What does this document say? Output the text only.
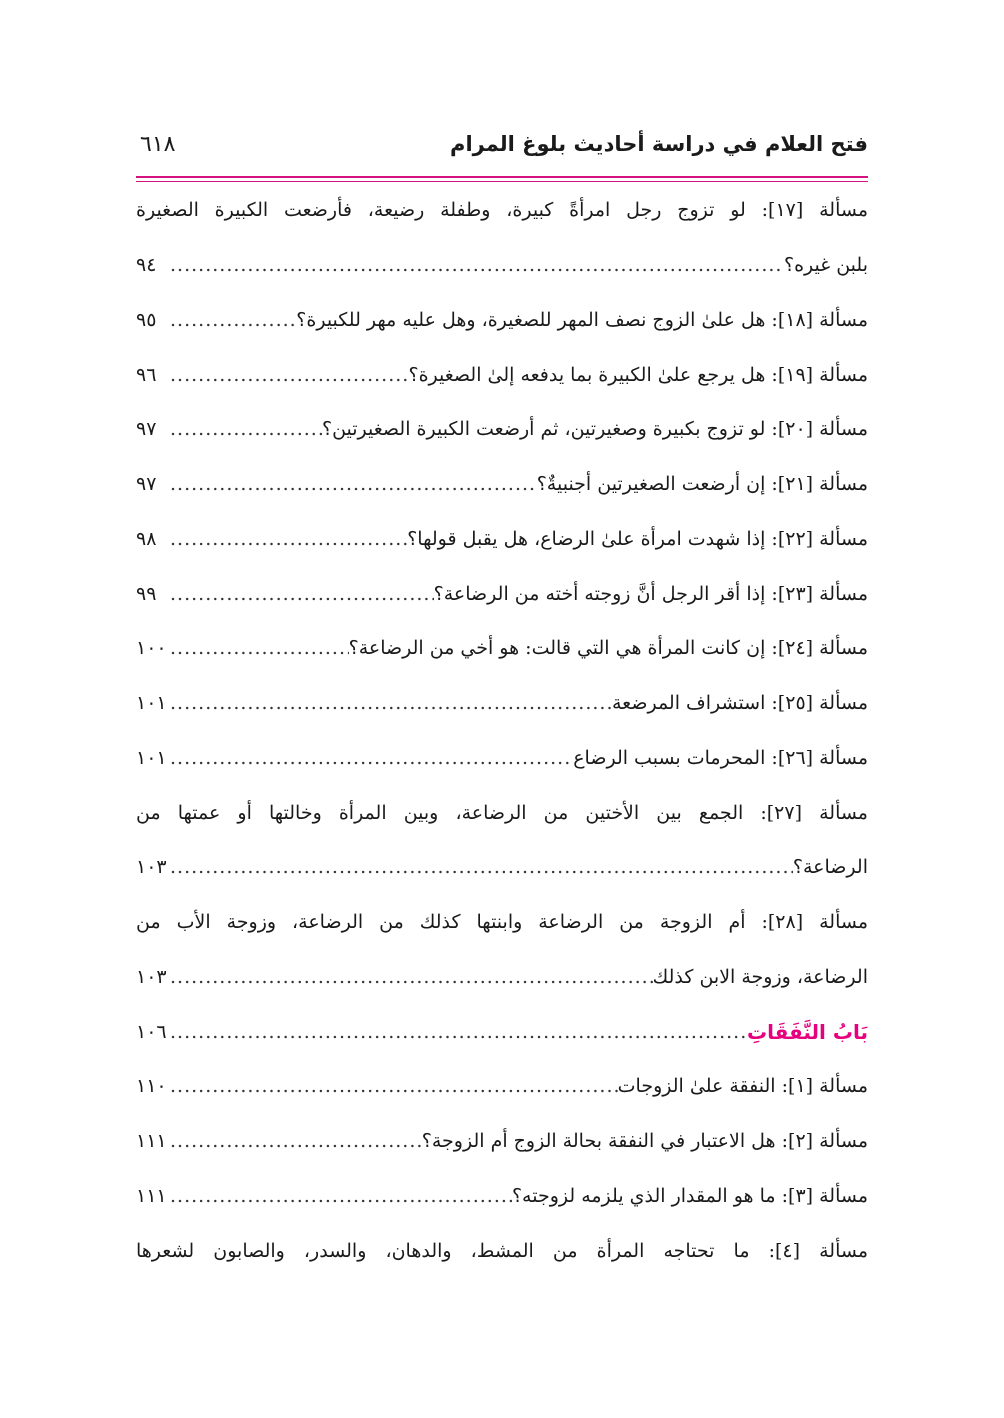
فتح العلام في دراسة أحاديث بلوغ المرام
٦١٨
مسألة [١٧]: لو تزوج رجل امرأةً كبيرة، وطفلة رضيعة، فأرضعت الكبيرة الصغيرة
بلبن غيره؟
.....
٩٤
مسألة [١٨]: هل علىٰ الزوج نصف المهر للصغيرة، وهل عليه مهر للكبيرة؟
.....
٩٥
مسألة [١٩]: هل يرجع علىٰ الكبيرة بما يدفعه إلىٰ الصغيرة؟
.....
٩٦
مسألة [٢٠]: لو تزوج بكبيرة وصغيرتين، ثم أرضعت الكبيرة الصغيرتين؟
.....
٩٧
مسألة [٢١]: إن أرضعت الصغيرتين أجنبيةٌ؟
.....
٩٧
مسألة [٢٢]: إذا شهدت امرأة علىٰ الرضاع، هل يقبل قولها؟
.....
٩٨
مسألة [٢٣]: إذا أقر الرجل أنَّ زوجته أخته من الرضاعة؟
.....
٩٩
مسألة [٢٤]: إن كانت المرأة هي التي قالت: هو أخي من الرضاعة؟
.....
١٠٠
مسألة [٢٥]: استشراف المرضعة
.....
١٠١
مسألة [٢٦]: المحرمات بسبب الرضاع
.....
١٠١
مسألة [٢٧]: الجمع بين الأختين من الرضاعة، وبين المرأة وخالتها أو عمتها من
الرضاعة؟
.....
١٠٣
مسألة [٢٨]: أم الزوجة من الرضاعة وابنتها كذلك من الرضاعة، وزوجة الأب من
الرضاعة، وزوجة الابن كذلك
.....
١٠٣
بَابُ النَّفَقَاتِ
.....
١٠٦
مسألة [١]: النفقة علىٰ الزوجات
.....
١١٠
مسألة [٢]: هل الاعتبار في النفقة بحالة الزوج أم الزوجة؟
.....
١١١
مسألة [٣]: ما هو المقدار الذي يلزمه لزوجته؟
.....
١١١
مسألة [٤]: ما تحتاجه المرأة من المشط، والدهان، والسدر، والصابون لشعرها
